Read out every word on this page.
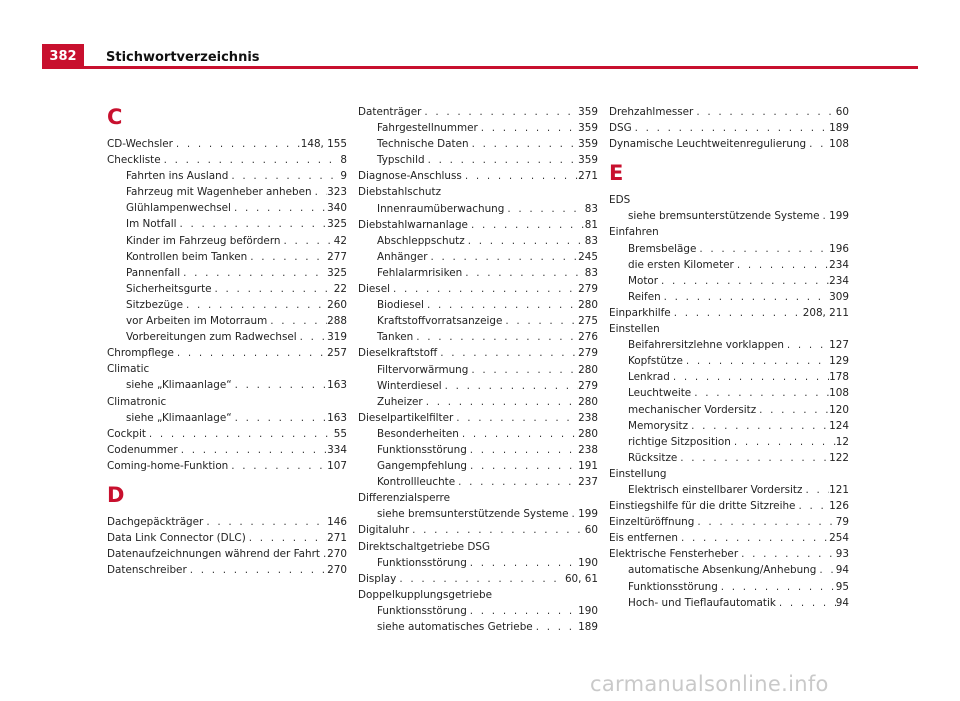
382	Stichwortverzeichnis
C
CD-Wechsler . . .	148, 155
Checkliste . . .	8
Fahrten ins Ausland . . .	9
Fahrzeug mit Wagenheber anheben . . . 323
Glühlampenwechsel . . .	340
Im Notfall . . .	325
Kinder im Fahrzeug befördern . . .	42
Kontrollen beim Tanken . . .	277
Pannenfall . . .	325
Sicherheitsgurte . . .	22
Sitzbezüge . . .	260
vor Arbeiten im Motorraum . . .	288
Vorbereitungen zum Radwechsel . . .	319
Chrompflege . . .	257
Climatic
siehe „Klimaanlage“ . . .	163
Climatronic
siehe „Klimaanlage“ . . .	163
Cockpit . . .	55
Codenummer . . .	334
Coming-home-Funktion . . .	107
D
Dachgepäckträger . . .	146
Data Link Connector (DLC) . . .	271
Datenaufzeichnungen während der Fahrt . . . 270
Datenschreiber . . .	270
Datenträger . . .	359
Fahrgestellnummer . . .	359
Technische Daten . . .	359
Typschild . . .	359
Diagnose-Anschluss . . .	271
Diebstahlschutz
Innenraumüberwachung . . .	83
Diebstahlwarnanlage . . .	81
Abschleppschutz . . .	83
Anhänger . . .	245
Fehlalarmrisiken . . .	83
Diesel . . .	279
Biodiesel . . .	280
Kraftstoffvorratsanzeige . . .	275
Tanken . . .	276
Dieselkraftstoff . . .	279
Filtervorwärmung . . .	280
Winterdiesel . . .	279
Zuheizer . . .	280
Dieselpartikelfilter . . .	238
Besonderheiten . . .	280
Funktionsstörung . . .	238
Gangempfehlung . . .	191
Kontrollleuchte . . .	237
Differenzialsperre
siehe bremsunterstützende Systeme . . . 199
Digitaluhr . . .	60
Direktschaltgetriebe DSG
Funktionsstörung . . .	190
Display . . .	60, 61
Doppelkupplungsgetriebe
Funktionsstörung . . .	190
siehe automatisches Getriebe . . .	189
Drehzahlmesser . . .	60
DSG . . .	189
Dynamische Leuchtweitenregulierung . . . 108
E
EDS
siehe bremsunterstützende Systeme . . . 199
Einfahren
Bremsbeläge . . .	196
die ersten Kilometer . . .	234
Motor . . .	234
Reifen . . .	309
Einparkhilfe . . .	208, 211
Einstellen
Beifahrersitzlehne vorklappen . . .	127
Kopfstütze . . .	129
Lenkrad . . .	178
Leuchtweite . . .	108
mechanischer Vordersitz . . .	120
Memorysitz . . .	124
richtige Sitzposition . . .	12
Rücksitze . . .	122
Einstellung
Elektrisch einstellbarer Vordersitz . . .	121
Einstiegshilfe für die dritte Sitzreihe . . .	126
Einzeltüröffnung . . .	79
Eis entfernen . . .	254
Elektrische Fensterheber . . .	93
automatische Absenkung/Anhebung . . . 94
Funktionsstörung . . .	95
Hoch- und Tieflaufautomatik . . .	94
carmanualsonline.info
